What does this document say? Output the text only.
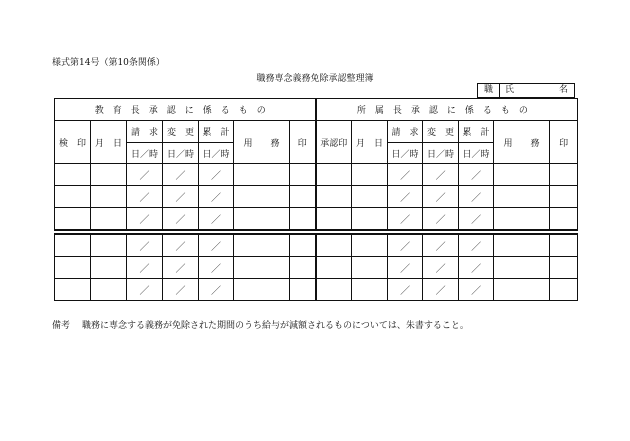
様式第14号（第10条関係）
職務専念義務免除承認整理簿
職	氏	名
教育長承認に係るもの							所属長承認に係るもの						
検　印	月　日	請　求	変　更	累　計	用　　務	印	承認印	月　日	請　求	変　更	累　計	用　　務	印
		日／時	日／時	日／時					日／時	日／時	日／時		
		／	／	／					／	／	／		
		／	／	／					／	／	／		
		／	／	／					／	／	／		

		／	／	／					／	／	／		
		／	／	／					／	／	／		
		／	／	／					／	／	／		
備考 職務に専念する義務が免除された期間のうち給与が減額されるものについては、朱書すること。
